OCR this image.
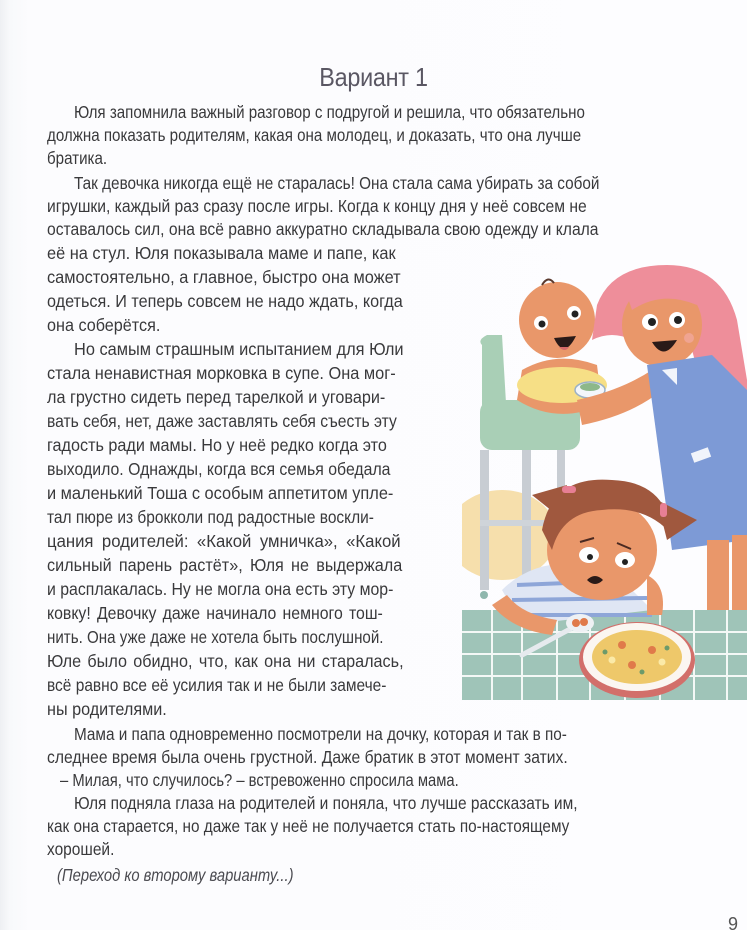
Вариант 1
Юля запомнила важный разговор с подругой и решила, что обязательно
должна показать родителям, какая она молодец, и доказать, что она лучше
братика.
Так девочка никогда ещё не старалась! Она стала сама убирать за собой
игрушки, каждый раз сразу после игры. Когда к концу дня у неё совсем не
оставалось сил, она всё равно аккуратно складывала свою одежду и клала
её на стул. Юля показывала маме и папе, как
самостоятельно, а главное, быстро она может
одеться. И теперь совсем не надо ждать, когда
она соберётся.
Но самым страшным испытанием для Юли
стала ненавистная морковка в супе. Она мог-
ла грустно сидеть перед тарелкой и уговари-
вать себя, нет, даже заставлять себя съесть эту
гадость ради мамы. Но у неё редко когда это
выходило. Однажды, когда вся семья обедала
и маленький Тоша с особым аппетитом упле-
тал пюре из брокколи под радостные воскли-
цания родителей: «Какой умничка», «Какой
сильный парень растёт», Юля не выдержала
и расплакалась. Ну не могла она есть эту мор-
ковку! Девочку даже начинало немного тош-
нить. Она уже даже не хотела быть послушной.
Юле было обидно, что, как она ни старалась,
всё равно все её усилия так и не были замече-
ны родителями.
Мама и папа одновременно посмотрели на дочку, которая и так в по-
следнее время была очень грустной. Даже братик в этот момент затих.
– Милая, что случилось? – встревоженно спросила мама.
Юля подняла глаза на родителей и поняла, что лучше рассказать им,
как она старается, но даже так у неё не получается стать по-настоящему
хорошей.
(Переход ко второму варианту...)
9
